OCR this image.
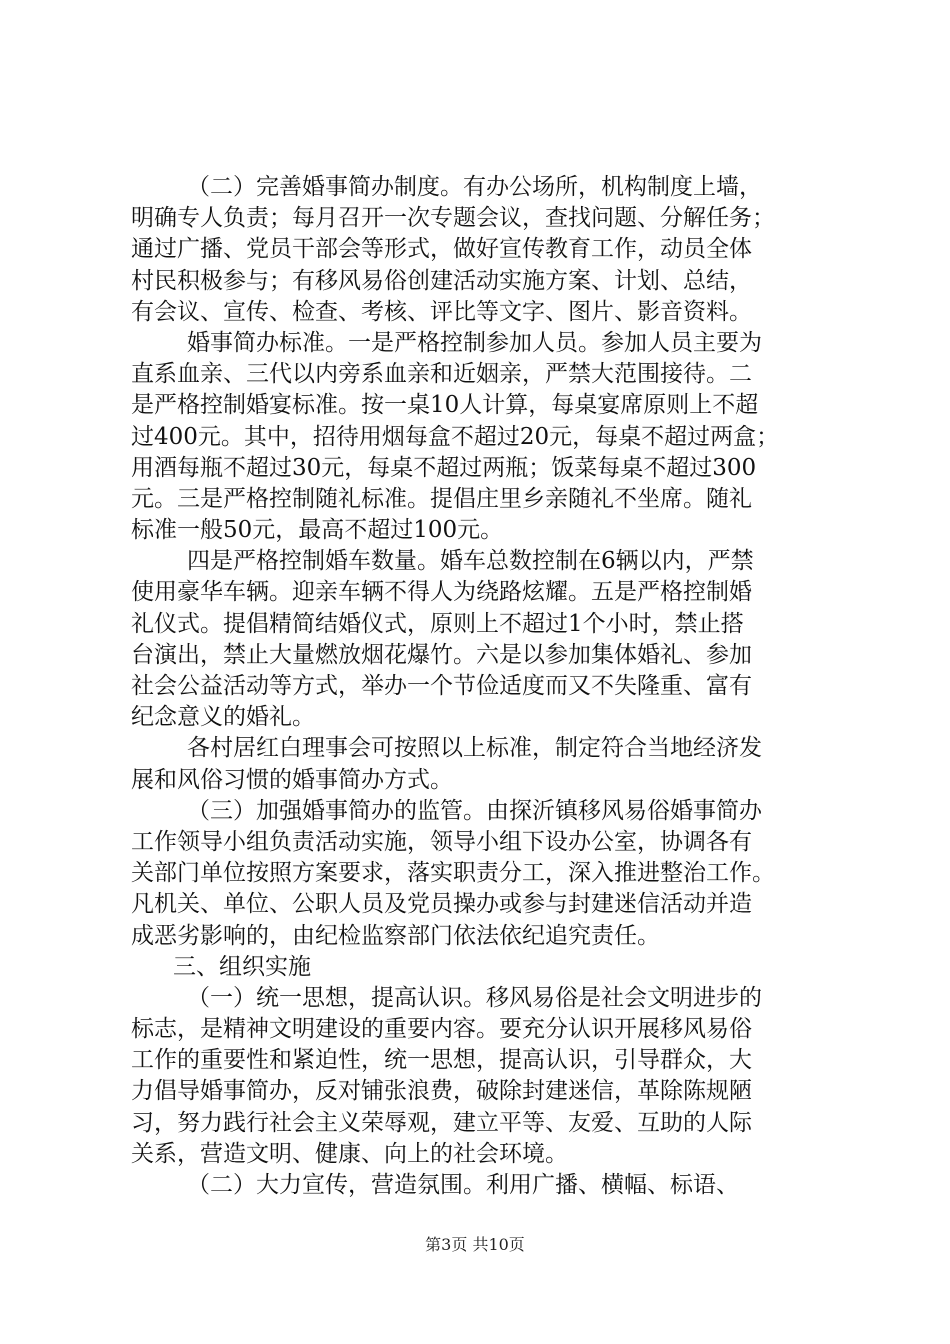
（二）完善婚事简办制度。有办公场所，机构制度上墙，
明确专人负责；每月召开一次专题会议，查找问题、分解任务；
通过广播、党员干部会等形式，做好宣传教育工作，动员全体
村民积极参与；有移风易俗创建活动实施方案、计划、总结，
有会议、宣传、检查、考核、评比等文字、图片、影音资料。
婚事简办标准。一是严格控制参加人员。参加人员主要为
直系血亲、三代以内旁系血亲和近姻亲，严禁大范围接待。二
是严格控制婚宴标准。按一桌10人计算，每桌宴席原则上不超
过400元。其中，招待用烟每盒不超过20元，每桌不超过两盒；
用酒每瓶不超过30元，每桌不超过两瓶；饭菜每桌不超过300
元。三是严格控制随礼标准。提倡庄里乡亲随礼不坐席。随礼
标准一般50元，最高不超过100元。
四是严格控制婚车数量。婚车总数控制在6辆以内，严禁
使用豪华车辆。迎亲车辆不得人为绕路炫耀。五是严格控制婚
礼仪式。提倡精简结婚仪式，原则上不超过1个小时，禁止搭
台演出，禁止大量燃放烟花爆竹。六是以参加集体婚礼、参加
社会公益活动等方式，举办一个节俭适度而又不失隆重、富有
纪念意义的婚礼。
各村居红白理事会可按照以上标准，制定符合当地经济发
展和风俗习惯的婚事简办方式。
（三）加强婚事简办的监管。由探沂镇移风易俗婚事简办
工作领导小组负责活动实施，领导小组下设办公室，协调各有
关部门单位按照方案要求，落实职责分工，深入推进整治工作。
凡机关、单位、公职人员及党员操办或参与封建迷信活动并造
成恶劣影响的，由纪检监察部门依法依纪追究责任。
三、组织实施
（一）统一思想，提高认识。移风易俗是社会文明进步的
标志，是精神文明建设的重要内容。要充分认识开展移风易俗
工作的重要性和紧迫性，统一思想，提高认识，引导群众，大
力倡导婚事简办，反对铺张浪费，破除封建迷信，革除陈规陋
习，努力践行社会主义荣辱观，建立平等、友爱、互助的人际
关系，营造文明、健康、向上的社会环境。
（二）大力宣传，营造氛围。利用广播、横幅、标语、
第3页 共10页
